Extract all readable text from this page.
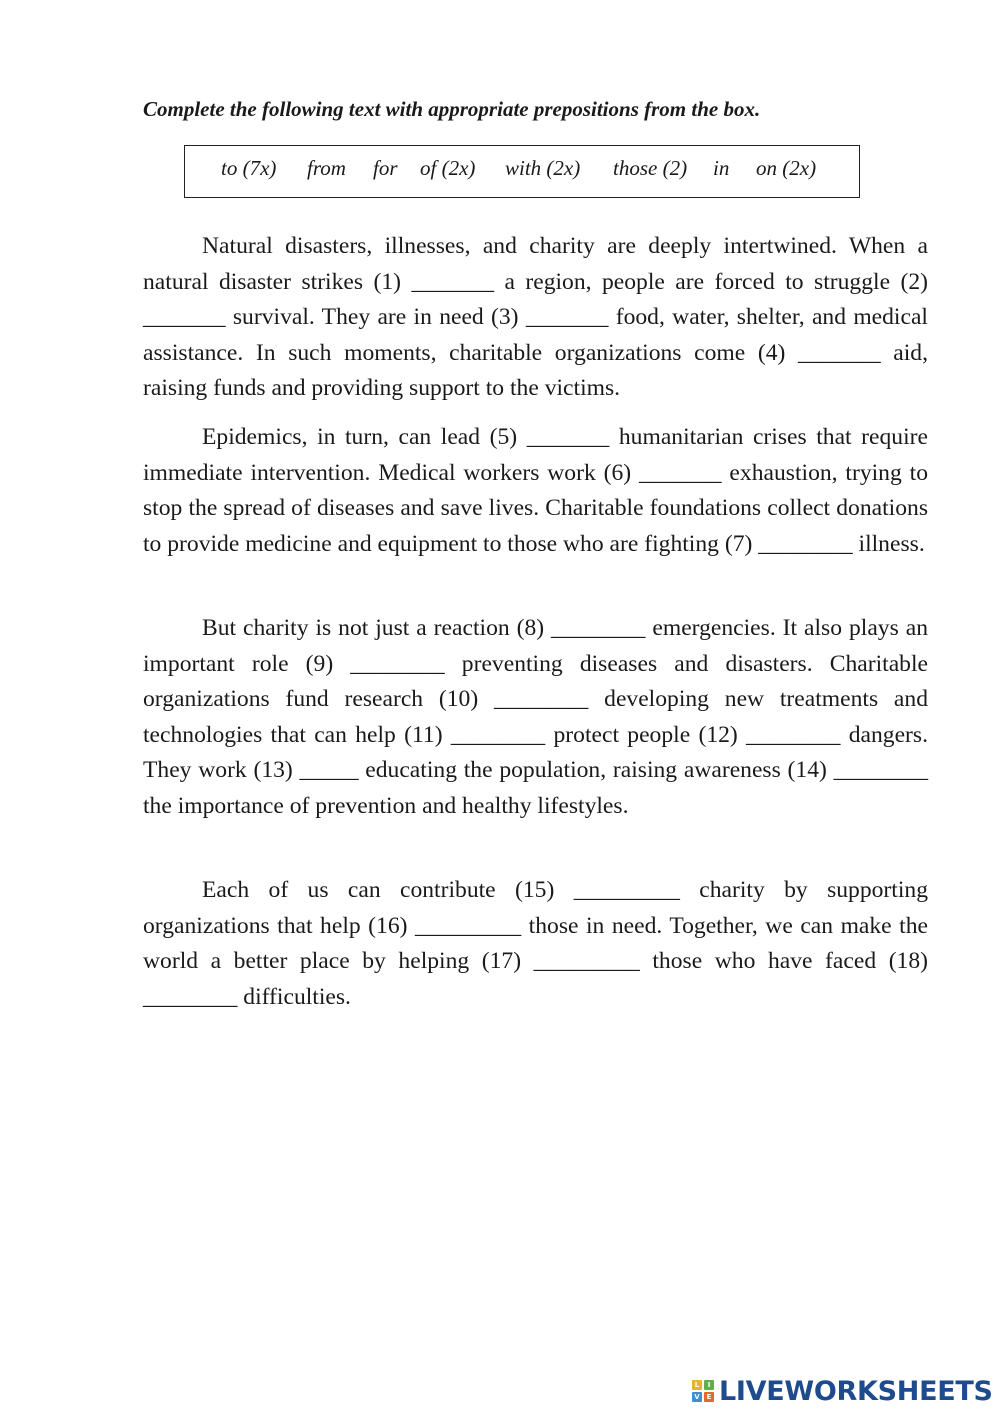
Complete the following text with appropriate prepositions from the box.
to (7x) from for of (2x) with (2x) those (2) in on (2x)

Natural disasters, illnesses, and charity are deeply intertwined. When a natural disaster strikes (1) _______ a region, people are forced to struggle (2) _______ survival. They are in need (3) _______ food, water, shelter, and medical assistance. In such moments, charitable organizations come (4) _______ aid, raising funds and providing support to the victims.

Epidemics, in turn, can lead (5) _______ humanitarian crises that require immediate intervention. Medical workers work (6) _______ exhaustion, trying to stop the spread of diseases and save lives. Charitable foundations collect donations to provide medicine and equipment to those who are fighting (7) ________ illness.

But charity is not just a reaction (8) ________ emergencies. It also plays an important role (9) ________ preventing diseases and disasters. Charitable organizations fund research (10) ________ developing new treatments and technologies that can help (11) ________ protect people (12) ________ dangers. They work (13) _____ educating the population, raising awareness (14) ________ the importance of prevention and healthy lifestyles.

Each of us can contribute (15) _________ charity by supporting organizations that help (16) _________ those in need. Together, we can make the world a better place by helping (17) _________ those who have faced (18) ________ difficulties.

L	I
V E LIVEWORKSHEETS
